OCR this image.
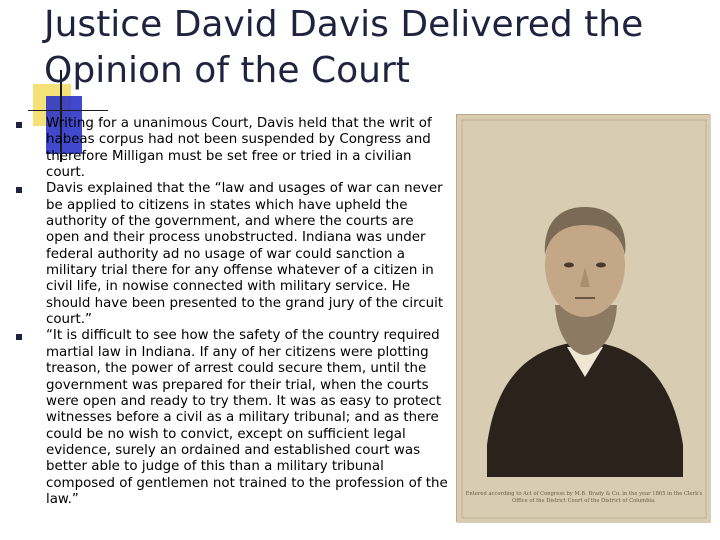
Justice David Davis Delivered the Opinion of the Court
Writing for a unanimous Court, Davis held that the writ of habeas corpus had not been suspended by Congress and therefore Milligan must be set free or tried in a civilian court.
Davis explained that the “law and usages of war can never be applied to citizens in states which have upheld the authority of the government, and where the courts are open and their process unobstructed. Indiana was under federal authority ad no usage of war could sanction a military trial there for any offense whatever of a citizen in civil life, in nowise connected with military service. He should have been presented to the grand jury of the circuit court.”
“It is difficult to see how the safety of the country required martial law in Indiana. If any of her citizens were plotting treason, the power of arrest could secure them, until the government was prepared for their trial, when the courts were open and ready to try them. It was as easy to protect witnesses before a civil as a military tribunal; and as there could be no wish to convict, except on sufficient legal evidence, surely an ordained and established court was better able to judge of this than a military tribunal composed of gentlemen not trained to the profession of the law.”	Entered according to Act of Congress by M.B. Brady & Co. in the year 1865 in the Clerk's Office of the District Court of the District of Columbia.
